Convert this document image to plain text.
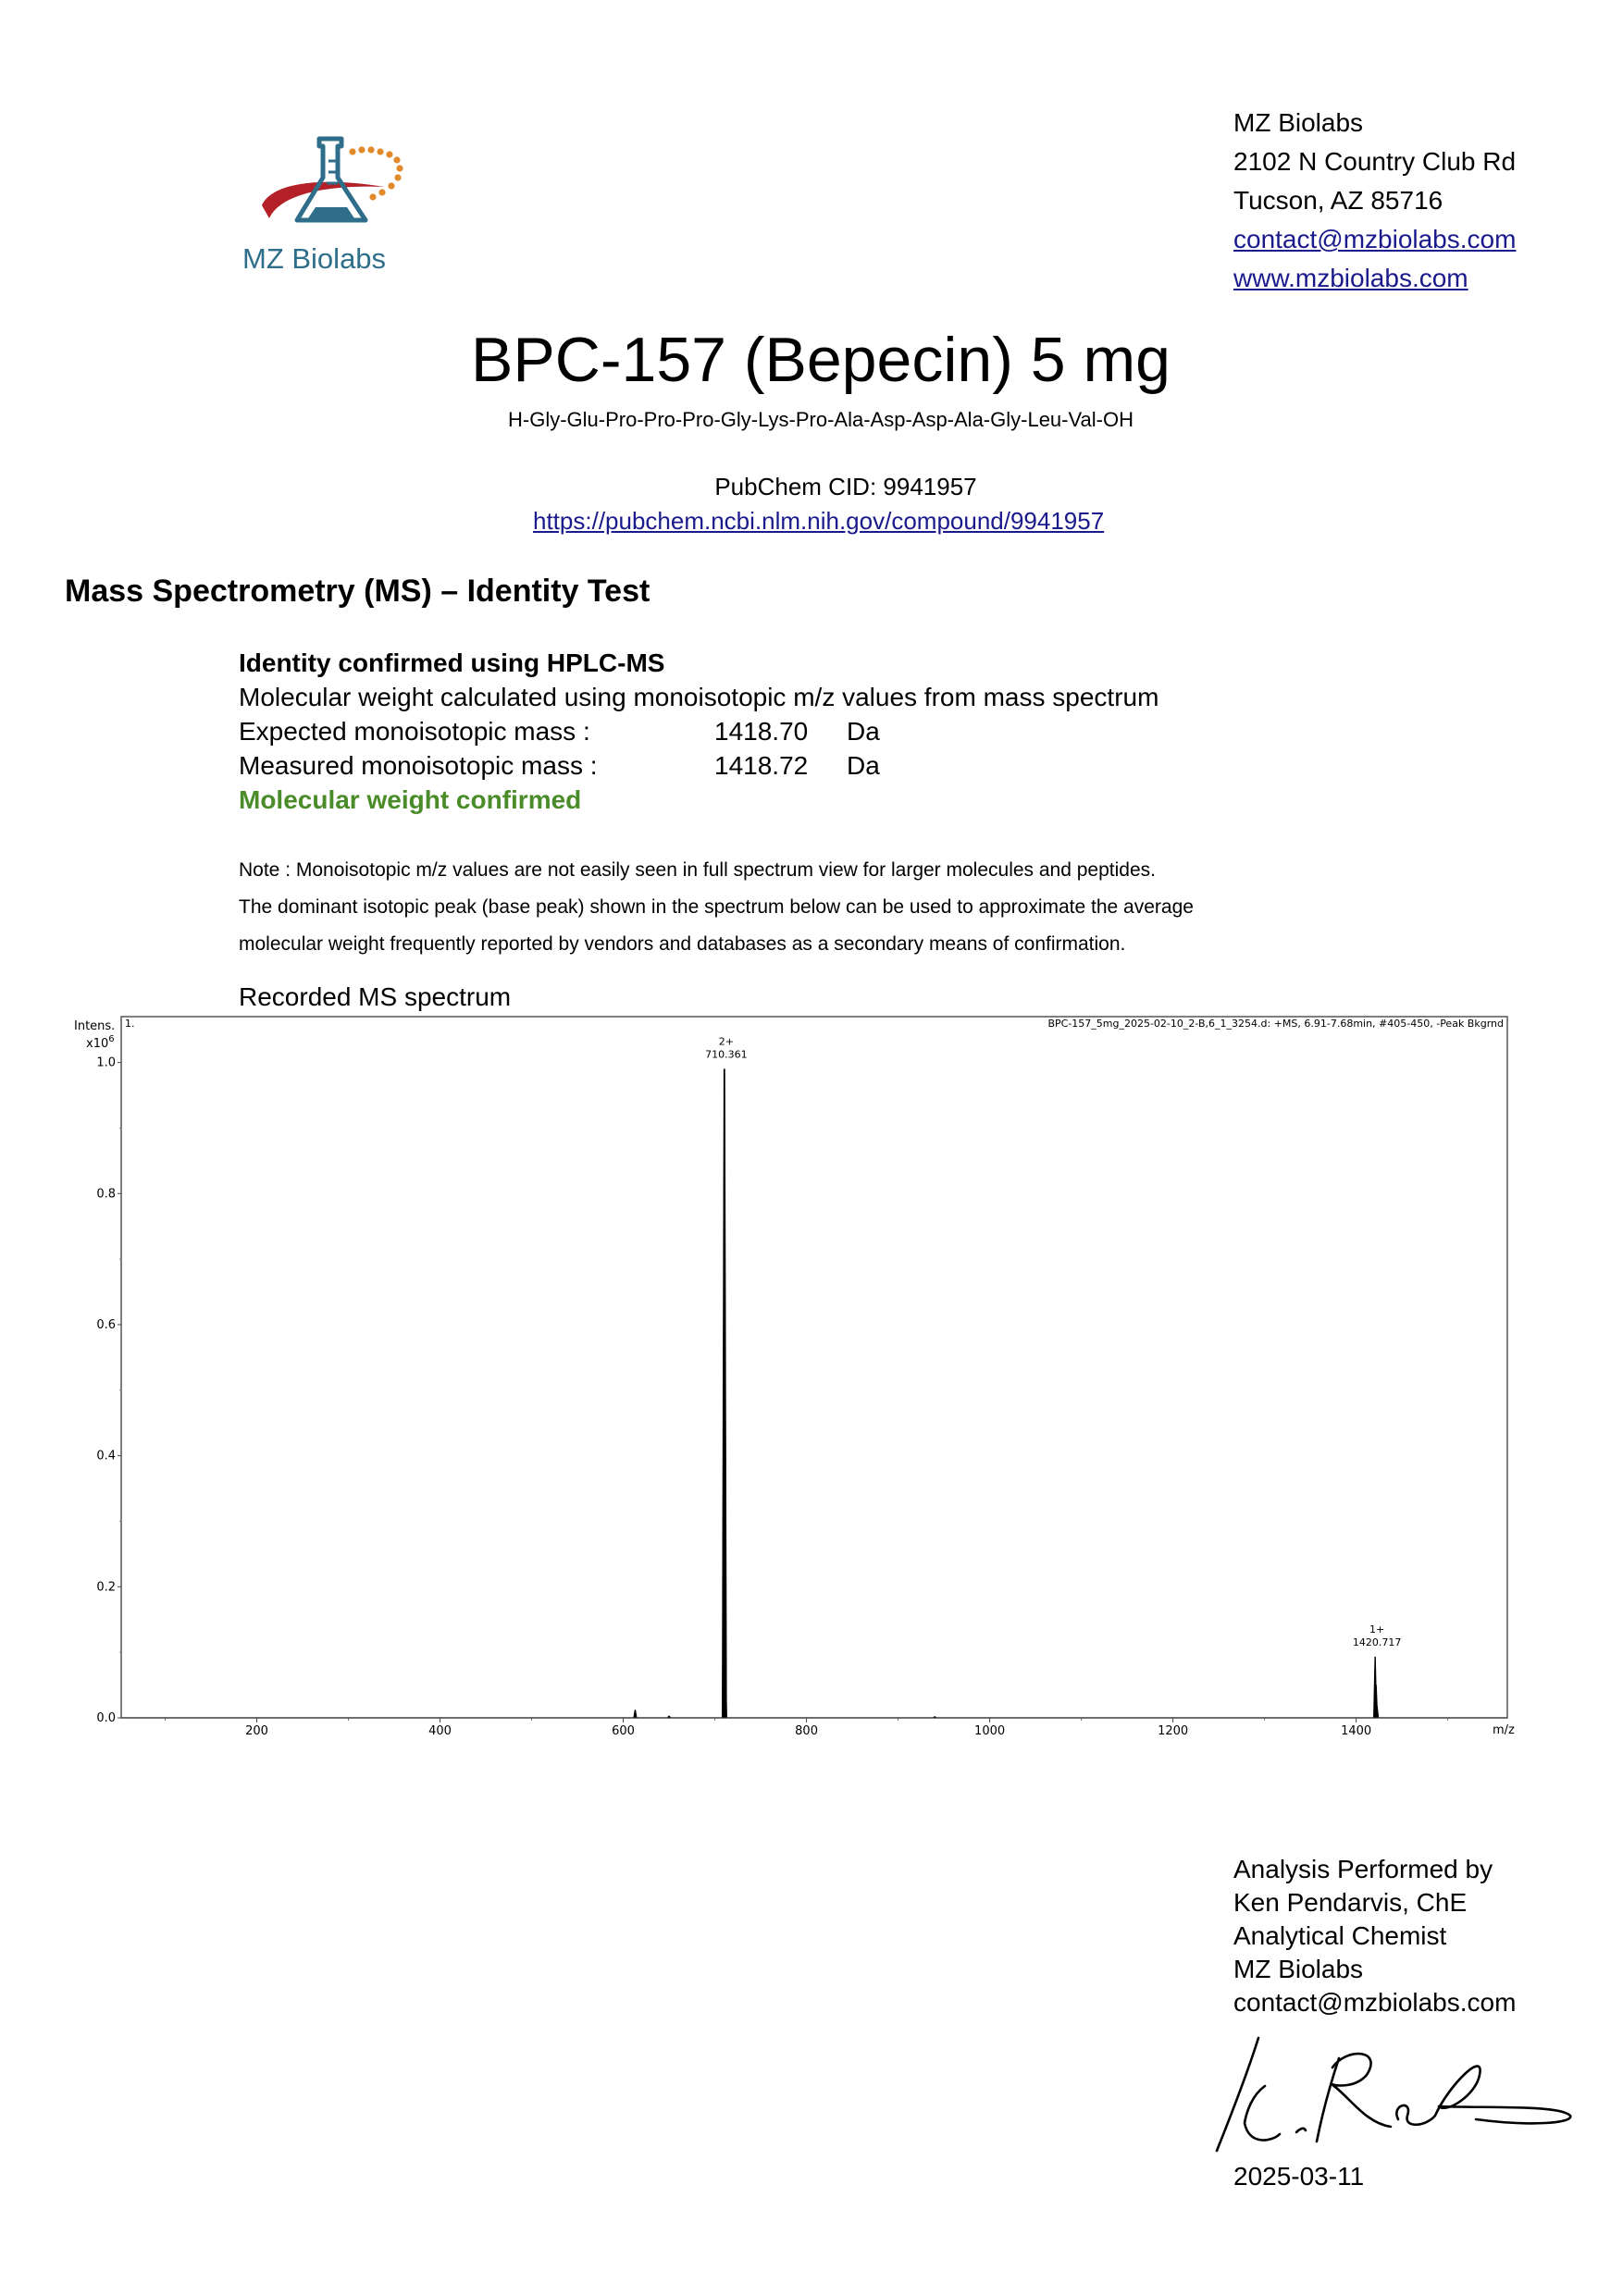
MZ Biolabs
MZ Biolabs
2102 N Country Club Rd
Tucson, AZ 85716
contact@mzbiolabs.com
www.mzbiolabs.com
BPC-157 (Bepecin) 5 mg
H-Gly-Glu-Pro-Pro-Pro-Gly-Lys-Pro-Ala-Asp-Asp-Ala-Gly-Leu-Val-OH
PubChem CID: 9941957
https://pubchem.ncbi.nlm.nih.gov/compound/9941957
Mass Spectrometry (MS) – Identity Test
Identity confirmed using HPLC-MS
Molecular weight calculated using monoisotopic m/z values from mass spectrum
Expected monoisotopic mass :	1418.70 Da
Measured monoisotopic mass :	1418.72 Da
Molecular weight confirmed
Note : Monoisotopic m/z values are not easily seen in full spectrum view for larger molecules and peptides.
The dominant isotopic peak (base peak) shown in the spectrum below can be used to approximate the average
molecular weight frequently reported by vendors and databases as a secondary means of confirmation.
Recorded MS spectrum
Intens.
$x10^6$
1.	BPC-157_5mg_2025-02-10_2-B,6_1_3254.d: +MS, 6.91-7.68min, #405-450, -Peak Bkgrnd
m/z
200	400	600	800	1000	1200	1400
0.0
0.2
0.4
0.6
0.8
1.0
2+
710.361
1+
1420.717
Analysis Performed by
Ken Pendarvis, ChE
Analytical Chemist
MZ Biolabs
contact@mzbiolabs.com
2025-03-11
